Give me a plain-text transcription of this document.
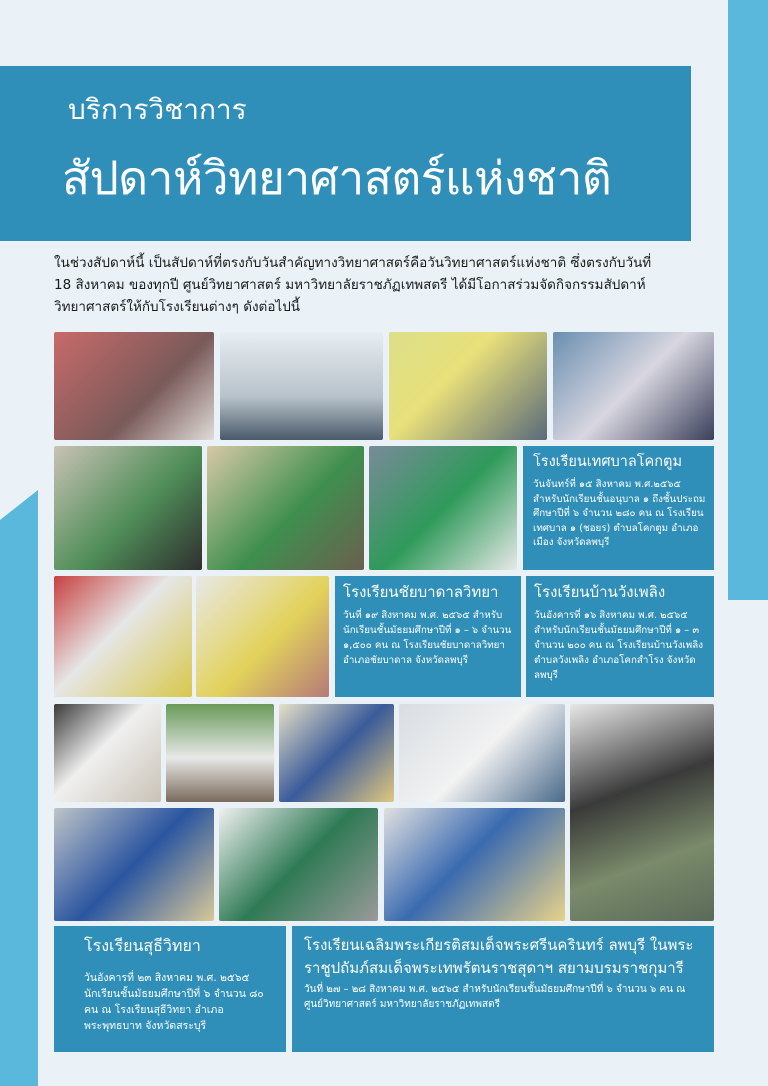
บริการวิชาการ
สัปดาห์วิทยาศาสตร์แห่งชาติ

ในช่วงสัปดาห์นี้ เป็นสัปดาห์ที่ตรงกับวันสำคัญทางวิทยาศาสตร์คือวันวิทยาศาสตร์แห่งชาติ ซึ่งตรงกับวันที่

18 สิงหาคม ของทุกปี ศูนย์วิทยาศาสตร์ มหาวิทยาลัยราชภัฏเทพสตรี ได้มีโอกาสร่วมจัดกิจกรรมสัปดาห์

วิทยาศาสตร์ให้กับโรงเรียนต่างๆ ดังต่อไปนี้

โรงเรียนเทศบาลโคกตูม
วันจันทร์ที่ ๑๕ สิงหาคม พ.ศ.๒๕๖๕ สำหรับนักเรียนชั้นอนุบาล ๑ ถึงชั้นประถมศึกษาปีที่ ๖ จำนวน ๒๘๐ คน ณ โรงเรียนเทศบาล ๑ (ชอยร) ตำบลโคกตูม อำเภอเมือง จังหวัดลพบุรี
โรงเรียนชัยบาดาลวิทยา
วันที่ ๑๙ สิงหาคม พ.ศ. ๒๕๖๕ สำหรับนักเรียนชั้นมัธยมศึกษาปีที่ ๑ – ๖ จำนวน ๑,๕๐๐ คน ณ โรงเรียนชัยบาดาลวิทยา อำเภอชัยบาดาล จังหวัดลพบุรี
โรงเรียนบ้านวังเพลิง
วันอังคารที่ ๑๖ สิงหาคม พ.ศ. ๒๕๖๕ สำหรับนักเรียนชั้นมัธยมศึกษาปีที่ ๑ – ๓ จำนวน ๒๐๐ คน ณ โรงเรียนบ้านวังเพลิง ตำบลวังเพลิง อำเภอโคกสำโรง จังหวัดลพบุรี
โรงเรียนสุธีวิทยา
วันอังคารที่ ๒๓ สิงหาคม พ.ศ. ๒๕๖๕ นักเรียนชั้นมัธยมศึกษาปีที่ ๖ จำนวน ๘๐ คน ณ โรงเรียนสุธีวิทยา อำเภอพระพุทธบาท จังหวัดสระบุรี
โรงเรียนเฉลิมพระเกียรติสมเด็จพระศรีนครินทร์ ลพบุรี ในพระราชูปถัมภ์สมเด็จพระเทพรัตนราชสุดาฯ สยามบรมราชกุมารี
วันที่ ๒๗ – ๒๘ สิงหาคม พ.ศ. ๒๕๖๕ สำหรับนักเรียนชั้นมัธยมศึกษาปีที่ ๖ จำนวน ๖ คน ณ ศูนย์วิทยาศาสตร์ มหาวิทยาลัยราชภัฏเทพสตรี
